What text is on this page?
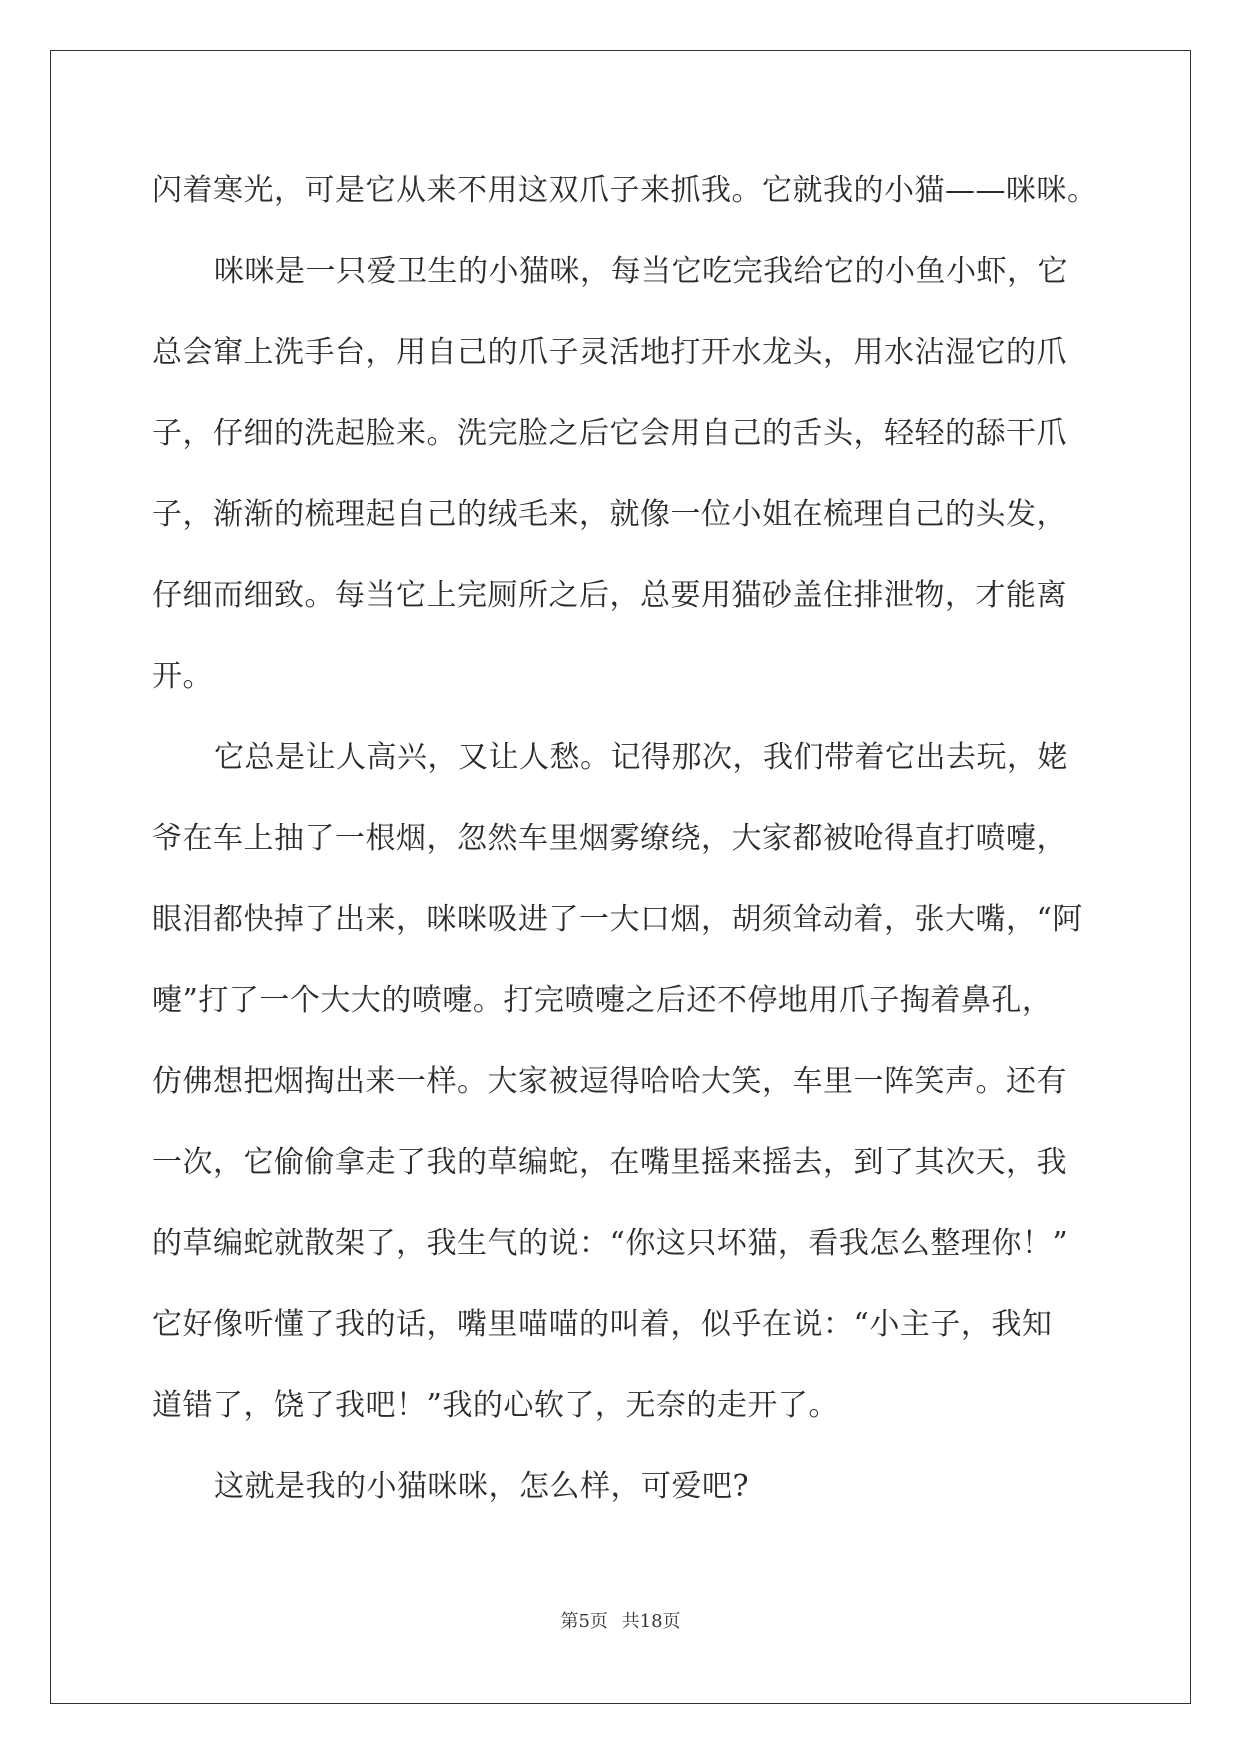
闪着寒光，可是它从来不用这双爪子来抓我。它就我的小猫——咪咪。
咪咪是一只爱卫生的小猫咪，每当它吃完我给它的小鱼小虾，它
总会窜上洗手台，用自己的爪子灵活地打开水龙头，用水沾湿它的爪
子，仔细的洗起脸来。洗完脸之后它会用自己的舌头，轻轻的舔干爪
子，渐渐的梳理起自己的绒毛来，就像一位小姐在梳理自己的头发，
仔细而细致。每当它上完厕所之后，总要用猫砂盖住排泄物，才能离
开。
它总是让人高兴，又让人愁。记得那次，我们带着它出去玩，姥
爷在车上抽了一根烟，忽然车里烟雾缭绕，大家都被呛得直打喷嚏，
眼泪都快掉了出来，咪咪吸进了一大口烟，胡须耸动着，张大嘴，“阿
嚏”打了一个大大的喷嚏。打完喷嚏之后还不停地用爪子掏着鼻孔，
仿佛想把烟掏出来一样。大家被逗得哈哈大笑，车里一阵笑声。还有
一次，它偷偷拿走了我的草编蛇，在嘴里摇来摇去，到了其次天，我
的草编蛇就散架了，我生气的说：“你这只坏猫，看我怎么整理你！”
它好像听懂了我的话，嘴里喵喵的叫着，似乎在说：“小主子，我知
道错了，饶了我吧！”我的心软了，无奈的走开了。
这就是我的小猫咪咪，怎么样，可爱吧?
第5页 共18页
